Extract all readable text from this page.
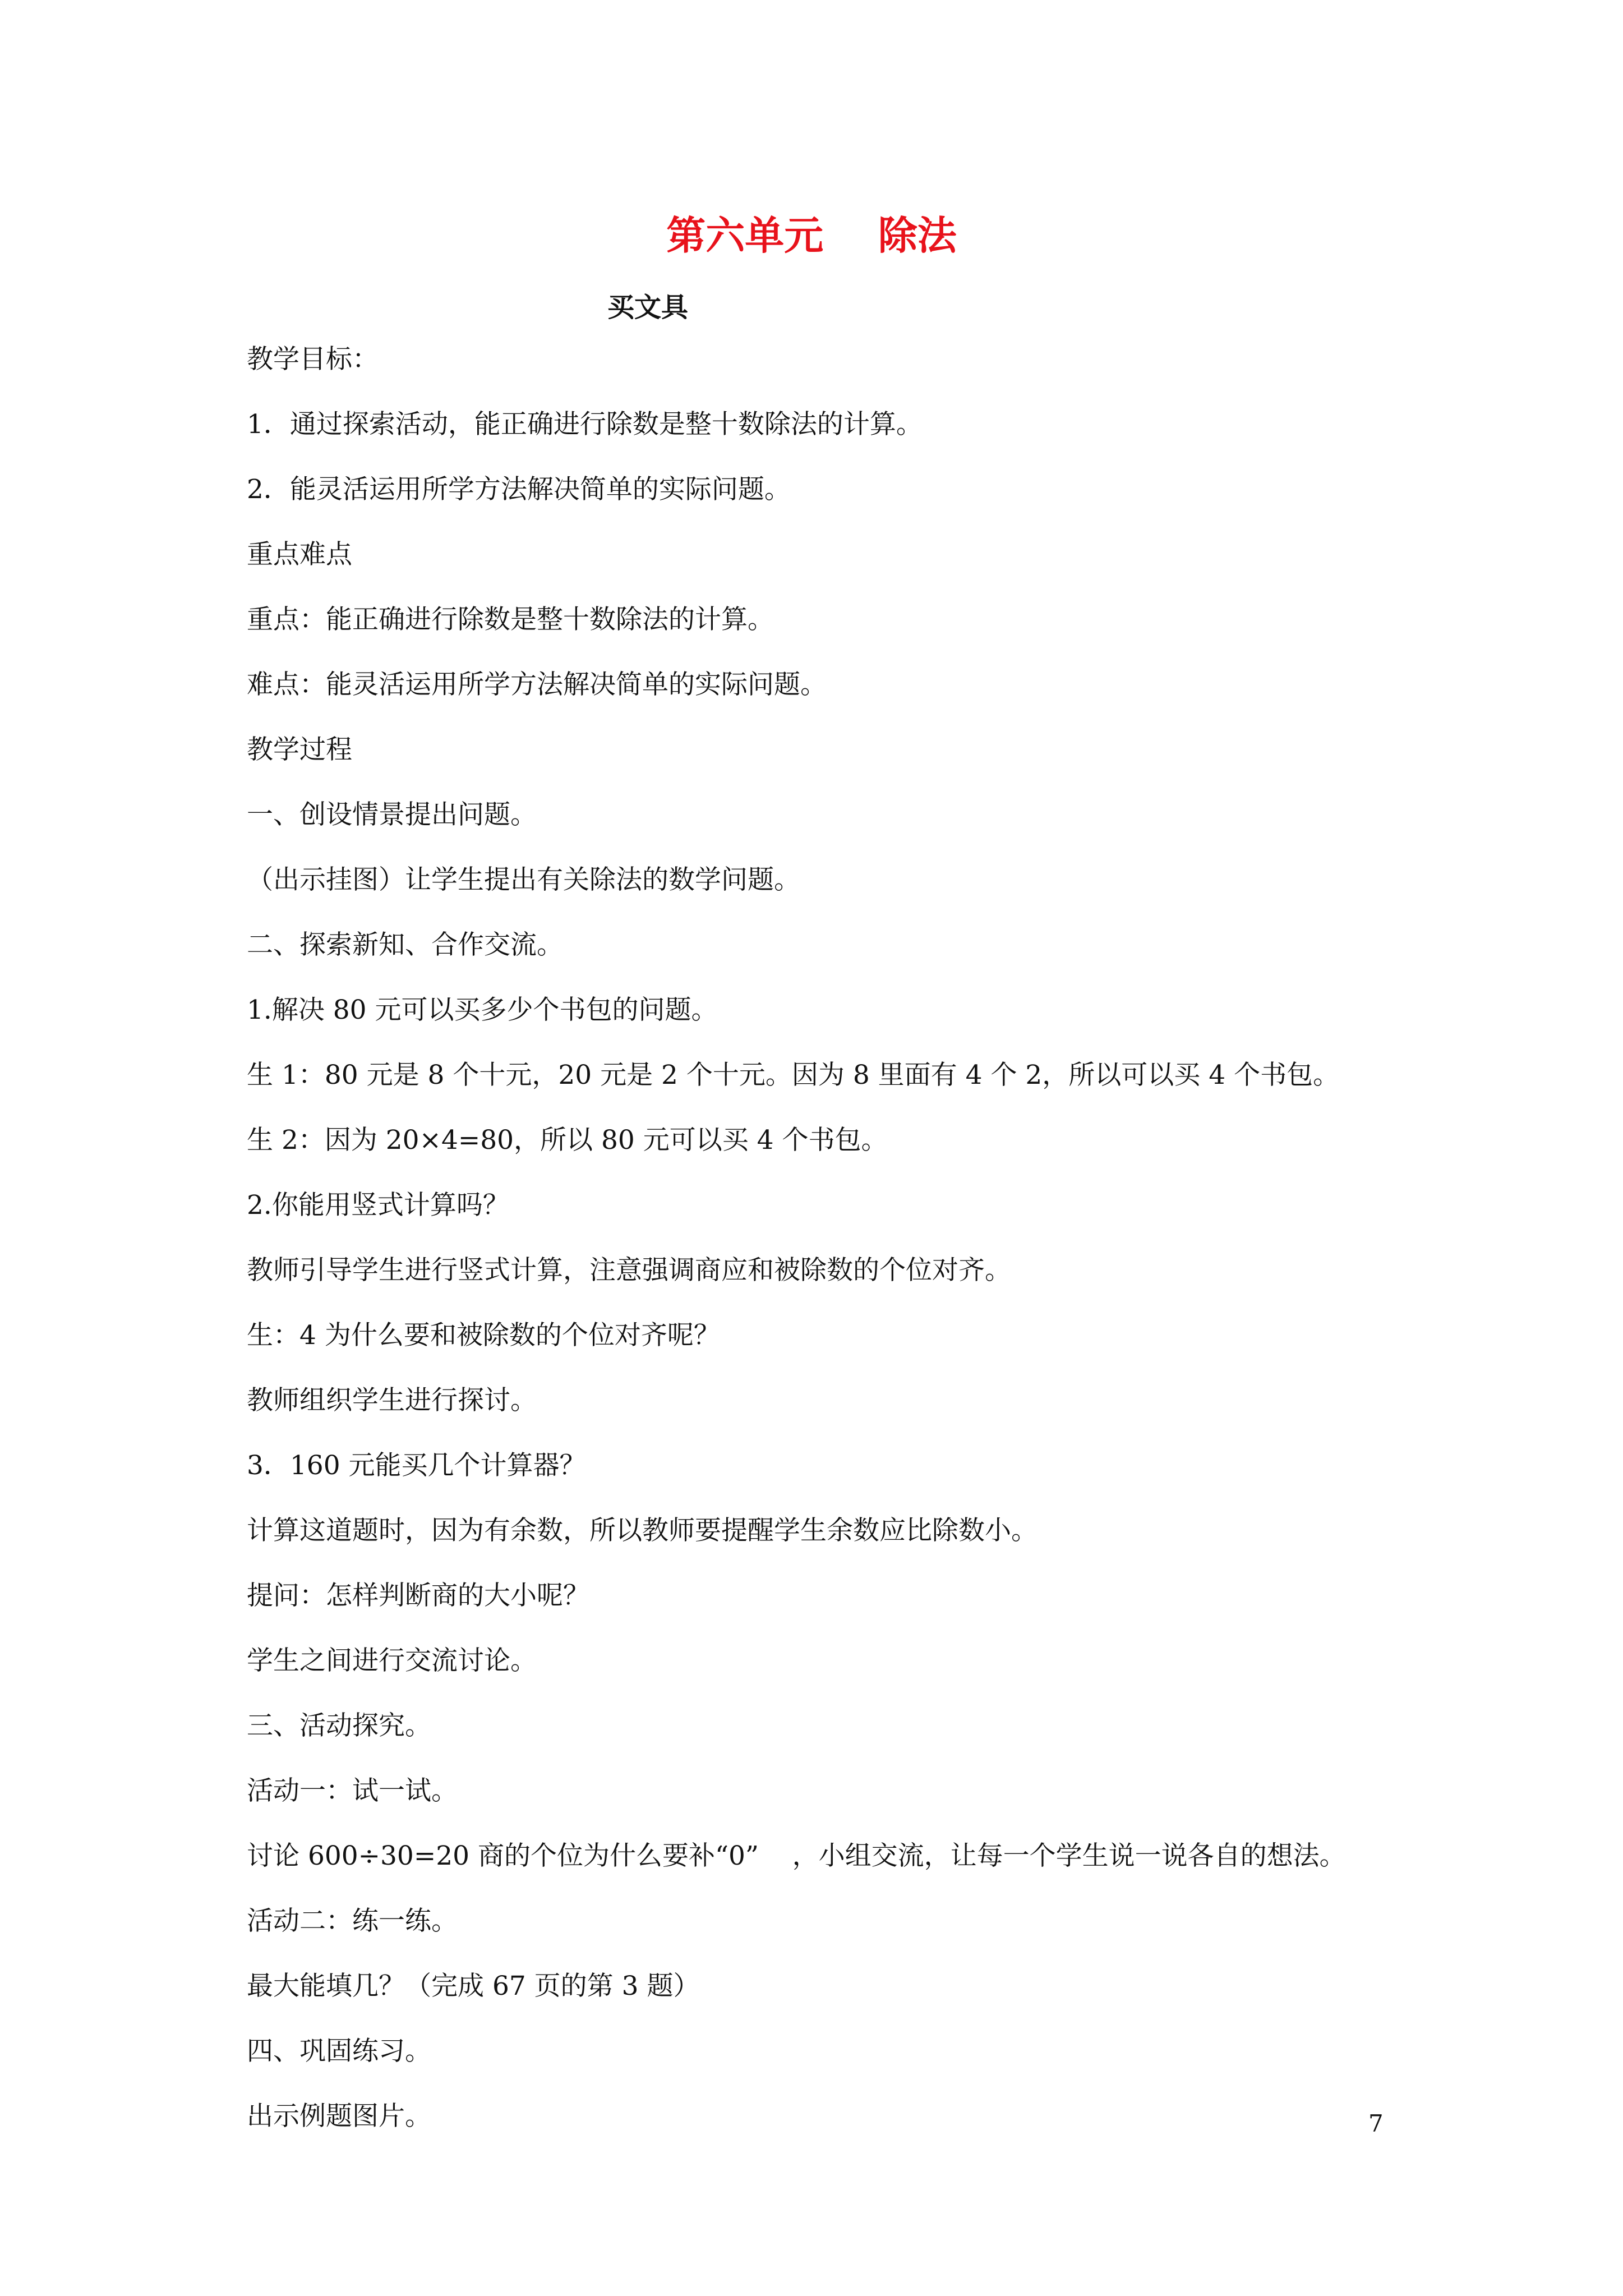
第六单元    除法
买文具
教学目标：
1．通过探索活动，能正确进行除数是整十数除法的计算。
2．能灵活运用所学方法解决简单的实际问题。
重点难点
重点：能正确进行除数是整十数除法的计算。
难点：能灵活运用所学方法解决简单的实际问题。
教学过程
一、创设情景提出问题。
（出示挂图）让学生提出有关除法的数学问题。
二、探索新知、合作交流。
1.解决 80 元可以买多少个书包的问题。
生 1：80 元是 8 个十元，20 元是 2 个十元。因为 8 里面有 4 个 2，所以可以买 4 个书包。
生 2：因为 20×4=80，所以 80 元可以买 4 个书包。
2.你能用竖式计算吗？
教师引导学生进行竖式计算，注意强调商应和被除数的个位对齐。
生：4 为什么要和被除数的个位对齐呢？
教师组织学生进行探讨。
3．160 元能买几个计算器？
计算这道题时，因为有余数，所以教师要提醒学生余数应比除数小。
提问：怎样判断商的大小呢？
学生之间进行交流讨论。
三、活动探究。
活动一：试一试。
讨论 600÷30=20 商的个位为什么要补“0”    ，小组交流，让每一个学生说一说各自的想法。
活动二：练一练。
最大能填几？（完成 67 页的第 3 题）
四、巩固练习。
出示例题图片。	7
